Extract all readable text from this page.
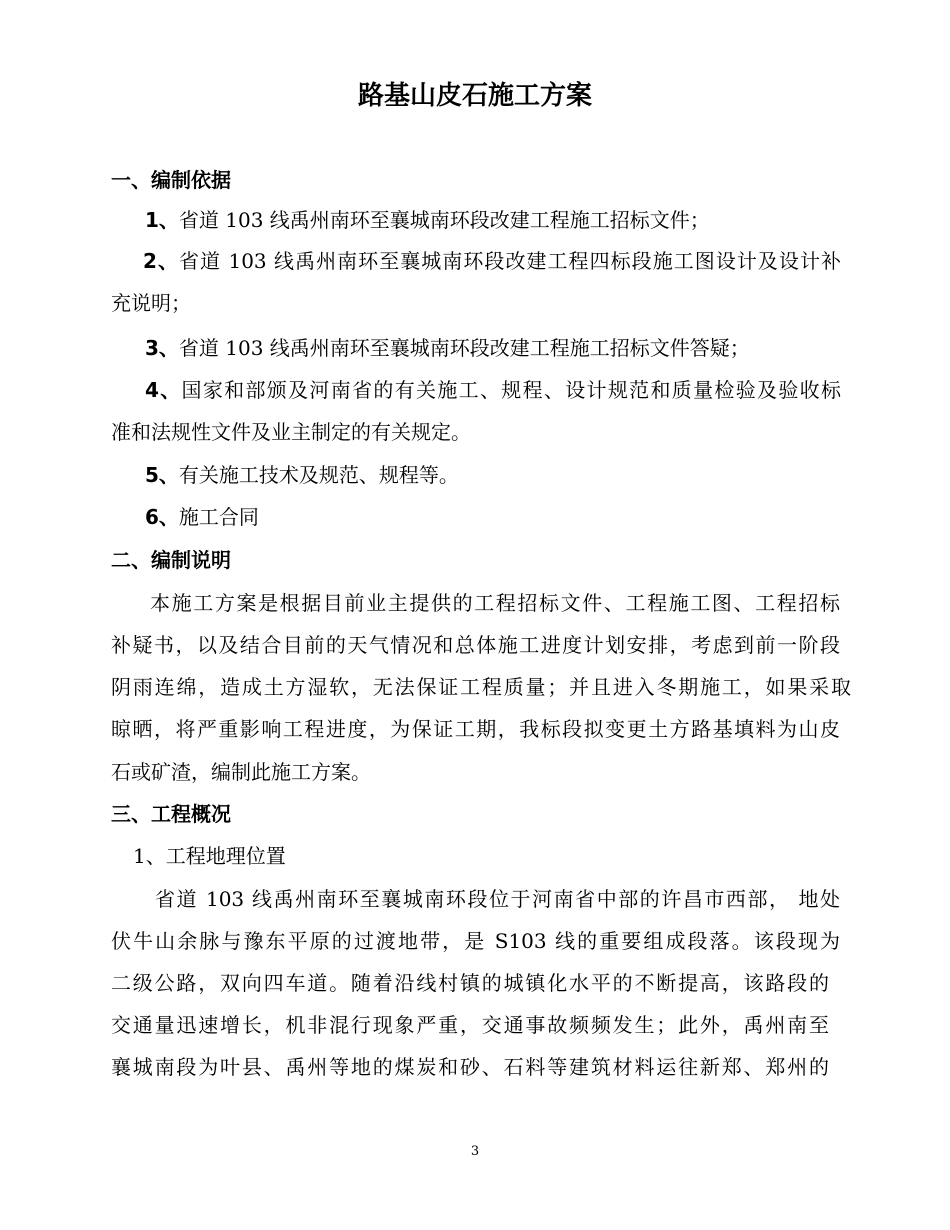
路基山皮石施工方案
一、编制依据
1、省道 103 线禹州南环至襄城南环段改建工程施工招标文件；
2、省道 103 线禹州南环至襄城南环段改建工程四标段施工图设计及设计补
充说明；
3、省道 103 线禹州南环至襄城南环段改建工程施工招标文件答疑；
4、国家和部颁及河南省的有关施工、规程、设计规范和质量检验及验收标
准和法规性文件及业主制定的有关规定。
5、有关施工技术及规范、规程等。
6、施工合同
二、编制说明
本施工方案是根据目前业主提供的工程招标文件、工程施工图、工程招标
补疑书，以及结合目前的天气情况和总体施工进度计划安排，考虑到前一阶段
阴雨连绵，造成土方湿软，无法保证工程质量；并且进入冬期施工，如果采取
晾晒，将严重影响工程进度，为保证工期，我标段拟变更土方路基填料为山皮
石或矿渣，编制此施工方案。
三、工程概况
1、工程地理位置
省道 103 线禹州南环至襄城南环段位于河南省中部的许昌市西部， 地处
伏牛山余脉与豫东平原的过渡地带，是 S103 线的重要组成段落。该段现为
二级公路，双向四车道。随着沿线村镇的城镇化水平的不断提高，该路段的
交通量迅速增长，机非混行现象严重，交通事故频频发生；此外，禹州南至
襄城南段为叶县、禹州等地的煤炭和砂、石料等建筑材料运往新郑、郑州的
3
